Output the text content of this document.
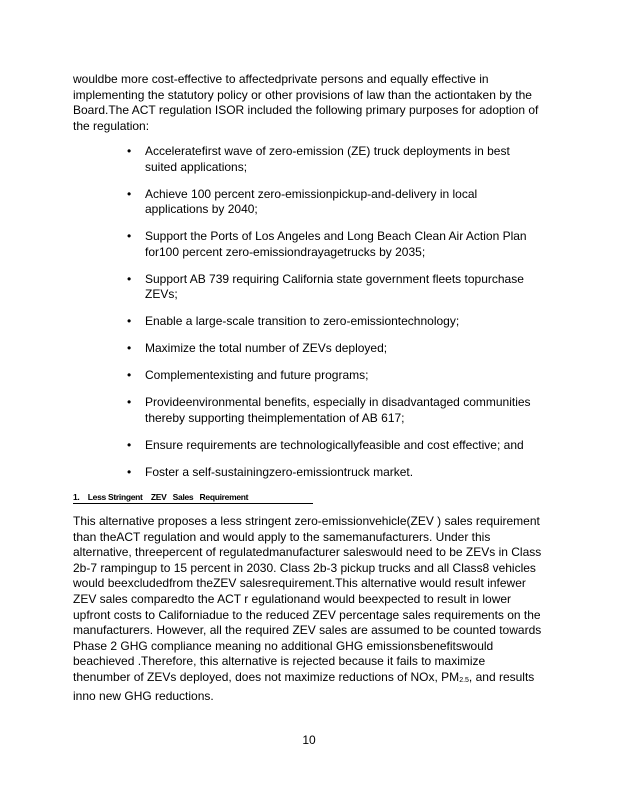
wouldbe more cost-effective to affectedprivate persons and equally effective in implementing the statutory policy or other provisions of law than the actiontaken by the Board.The ACT regulation ISOR included the following primary purposes for adoption of the regulation:

• Acceleratefirst wave of zero-emission (ZE) truck deployments in best suited applications;
• Achieve 100 percent zero-emissionpickup-and-delivery in local applications by 2040;
• Support the Ports of Los Angeles and Long Beach Clean Air Action Plan for100 percent zero-emissiondrayagetrucks by 2035;
• Support AB 739 requiring California state government fleets topurchase ZEVs;
• Enable a large-scale transition to zero-emissiontechnology;
• Maximize the total number of ZEVs deployed;
• Complementexisting and future programs;
• Provideenvironmental benefits, especially in disadvantaged communities thereby supporting theimplementation of AB 617;
• Ensure requirements are technologicallyfeasible and cost effective; and
• Foster a self-sustainingzero-emissiontruck market.
1. Less Stringent    ZEV   Sales   Requirement

This alternative proposes a less stringent zero-emissionvehicle(ZEV ) sales requirement than theACT regulation and would apply to the samemanufacturers. Under this alternative, threepercent of regulatedmanufacturer saleswould need to be ZEVs in Class 2b-7 rampingup to 15 percent in 2030. Class 2b-3 pickup trucks and all Class8 vehicles would beexcludedfrom theZEV salesrequirement.This alternative would result infewer ZEV sales comparedto the ACT r egulationand would beexpected to result in lower upfront costs to Californiadue to the reduced ZEV percentage sales requirements on the manufacturers. However, all the required ZEV sales are assumed to be counted towards Phase 2 GHG compliance meaning no additional GHG emissionsbenefitswould beachieved .Therefore, this alternative is rejected because it fails to maximize thenumber of ZEVs deployed, does not maximize reductions of NOx, $PM_{2.5}$, and results inno new GHG reductions.

10
